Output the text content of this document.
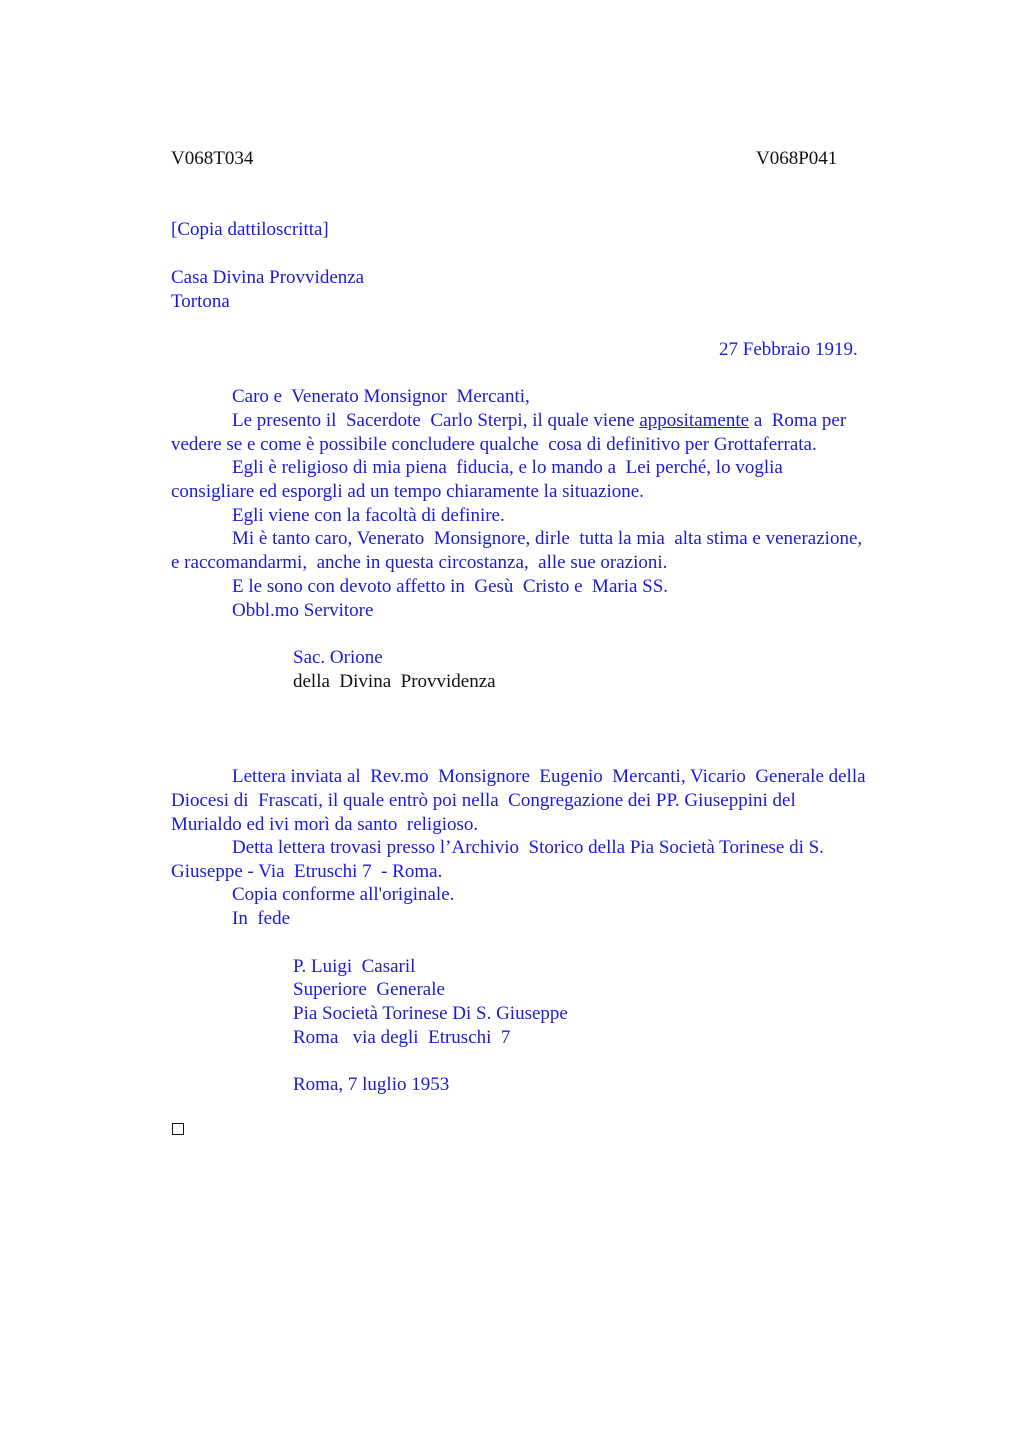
V068T034	V068P041
[Copia dattiloscritta]
Casa Divina Provvidenza
Tortona
27 Febbraio 1919.
Caro e  Venerato Monsignor  Mercanti,
Le presento il  Sacerdote  Carlo Sterpi, il quale viene appositamente a  Roma per
vedere se e come è possibile concludere qualche  cosa di definitivo per Grottaferrata.
Egli è religioso di mia piena  fiducia, e lo mando a  Lei perché, lo voglia
consigliare ed esporgli ad un tempo chiaramente la situazione.
Egli viene con la facoltà di definire.
Mi è tanto caro, Venerato  Monsignore, dirle  tutta la mia  alta stima e venerazione,
e raccomandarmi,  anche in questa circostanza,  alle sue orazioni.
E le sono con devoto affetto in  Gesù  Cristo e  Maria SS.
Obbl.mo Servitore
Sac. Orione
della  Divina  Provvidenza
Lettera inviata al  Rev.mo  Monsignore  Eugenio  Mercanti, Vicario  Generale della
Diocesi di  Frascati, il quale entrò poi nella  Congregazione dei PP. Giuseppini del
Murialdo ed ivi morì da santo  religioso.
Detta lettera trovasi presso l’Archivio  Storico della Pia Società Torinese di S.
Giuseppe - Via  Etruschi 7  - Roma.
Copia conforme all'originale.
In  fede
P. Luigi  Casaril
Superiore  Generale
Pia Società Torinese Di S. Giuseppe
Roma   via degli  Etruschi  7
Roma, 7 luglio 1953
